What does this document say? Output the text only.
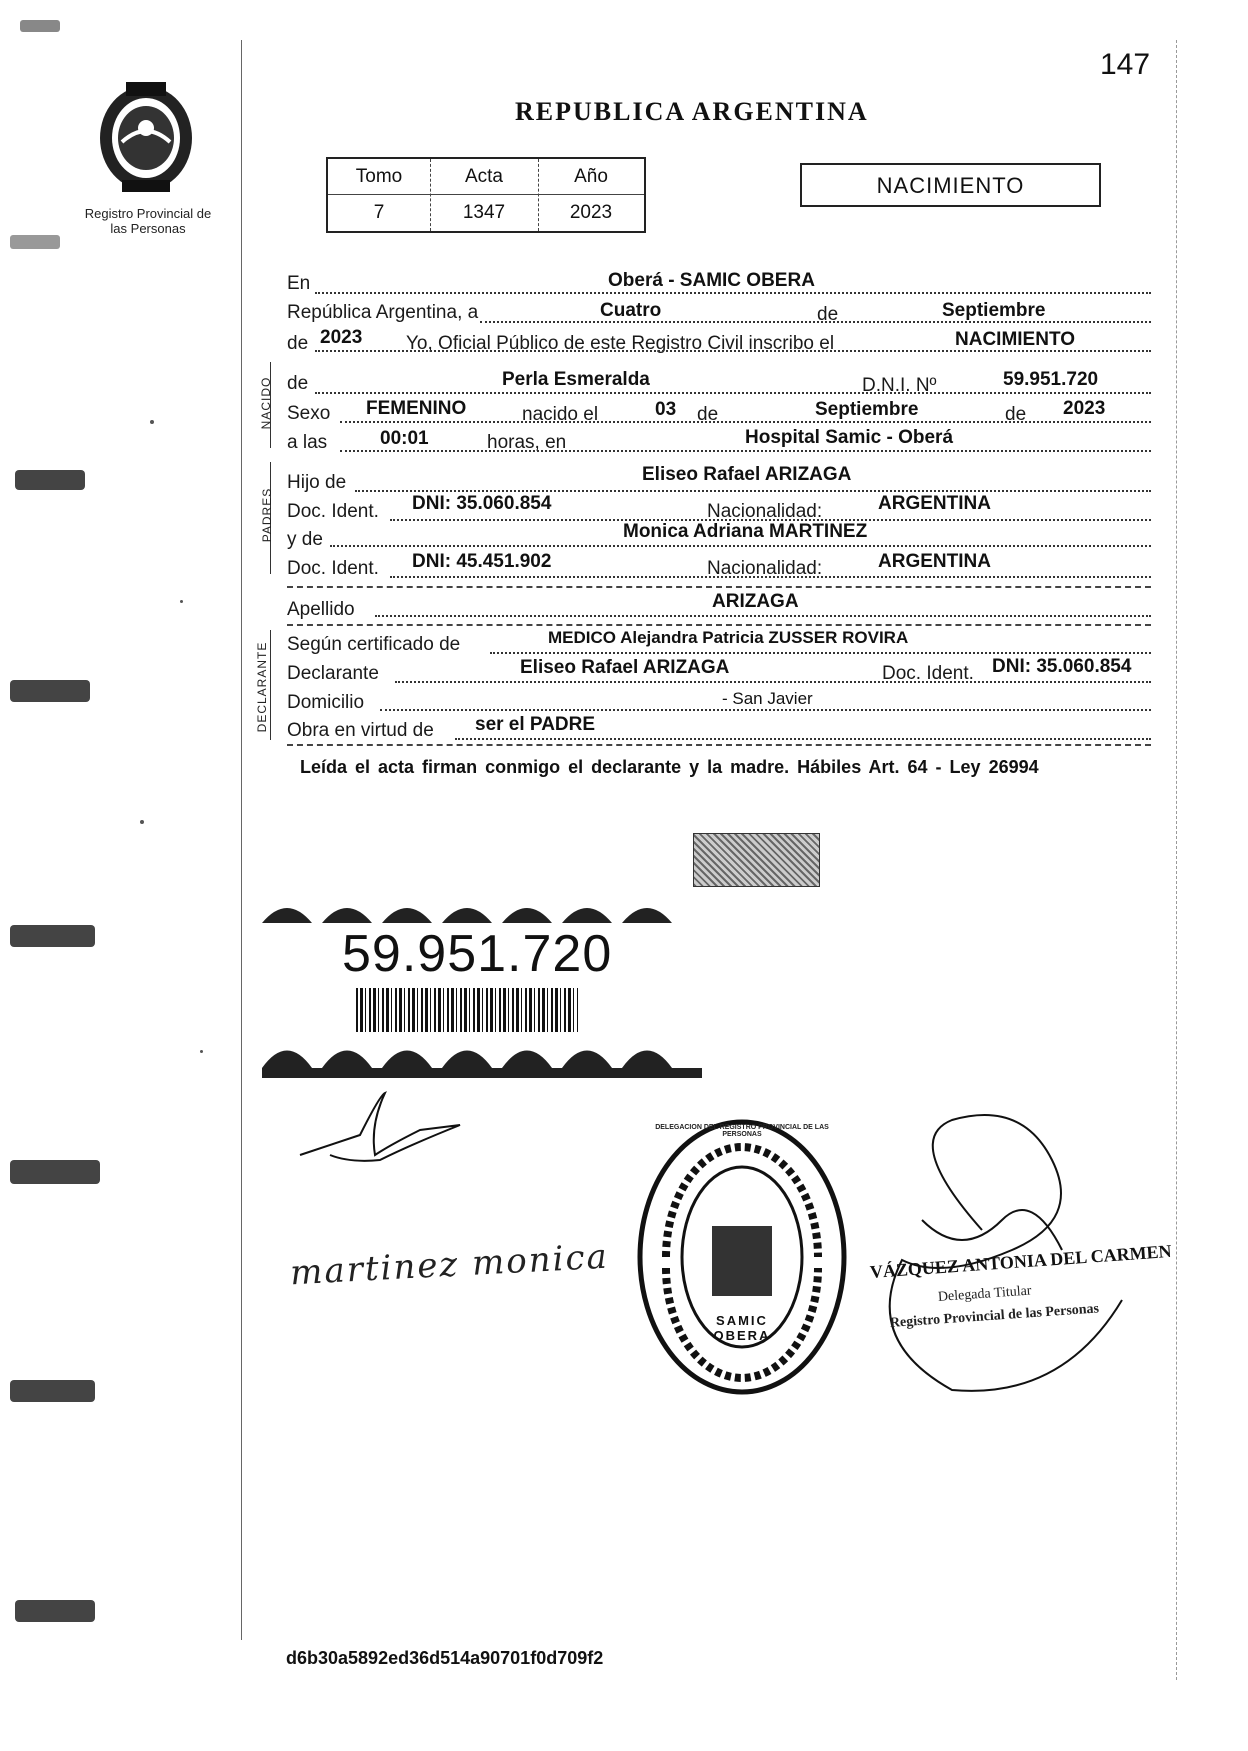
Registro Provincial de las Personas
147
REPUBLICA ARGENTINA
Tomo	Acta	Año
7	1347	2023
NACIMIENTO
En	Oberá - SAMIC OBERA
República Argentina, a	Cuatro	de	Septiembre
de 2023 Yo, Oficial Público de este Registro Civil inscribo el	NACIMIENTO
NACIDO de	Perla Esmeralda	D.N.I. Nº	59.951.720
Sexo FEMENINO	nacido el	03 de	Septiembre	de 2023
a las	00:01	horas, en	Hospital Samic - Oberá
PADRES
Hijo de	Eliseo Rafael ARIZAGA
Doc. Ident. DNI: 35.060.854	Nacionalidad:	ARGENTINA
y de	Monica Adriana MARTINEZ
Doc. Ident. DNI: 45.451.902	Nacionalidad:	ARGENTINA
Apellido	ARIZAGA
DECLARANTE Según certificado de	MEDICO Alejandra Patricia ZUSSER ROVIRA
Declarante	Eliseo Rafael ARIZAGA	Doc. Ident. DNI: 35.060.854
Domicilio	- San Javier
Obra en virtud de ser el PADRE
Leída el acta firman conmigo el declarante y la madre. Hábiles Art. 64 - Ley 26994
59.951.720
martinez monica
SAMIC OBERA
DELEGACION DEL REGISTRO PROVINCIAL DE LAS PERSONAS
VÁZQUEZ ANTONIA DEL CARMEN
Delegada Titular
Registro Provincial de las Personas
d6b30a5892ed36d514a90701f0d709f2
